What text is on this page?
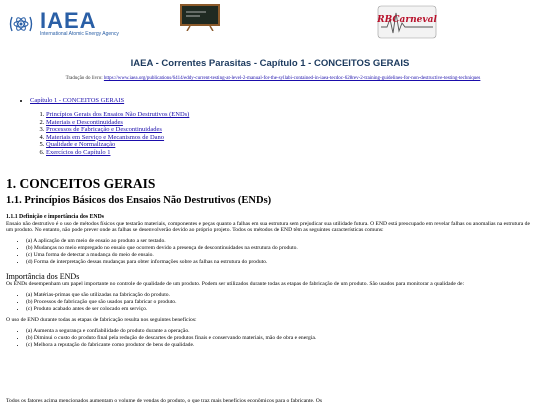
IAEA
International Atomic Energy Agency
RBCarneval
IAEA - Correntes Parasitas - Capítulo 1 - CONCEITOS GERAIS
Tradução do livro: https://www.iaea.org/publications/6414/eddy-current-testing-at-level-2-manual-for-the-syllabi-contained-in-iaea-tecdoc-628rev-2-training-guidelines-for-non-destructive-testing-techniques
• Capítulo 1 - CONCEITOS GERAIS
1. Princípios Gerais dos Ensaios Não Destrutivos (ENDs)
2. Materiais e Descontinuidades
3. Processos de Fabricação e Descontinuidades
4. Materiais em Serviço e Mecanismos de Dano
5. Qualidade e Normalização
6. Exercícios do Capítulo 1
1. CONCEITOS GERAIS
1.1. Princípios Básicos dos Ensaios Não Destrutivos (ENDs)
1.1.1 Definição e importância dos ENDs

Ensaio não destrutivo é o uso de métodos físicos que testarão materiais, componentes e peças quanto a falhas em sua estrutura sem prejudicar sua utilidade futura. O END está preocupado em revelar falhas ou anomalias na estrutura de um produto. No entanto, não pode prever onde as falhas se desenvolverão devido ao próprio projeto. Todos os métodos de END têm as seguintes características comuns:

• (a) A aplicação de um meio de ensaio ao produto a ser testado.
• (b) Mudanças no meio empregado no ensaio que ocorrem devido a presença de descontinuidades na estrutura do produto.
• (c) Uma forma de detectar a mudança do meio de ensaio.
• (d) Forma de interpretação dessas mudanças para obter informações sobre as falhas na estrutura do produto.
Importância dos ENDs

Os ENDs desempenham um papel importante no controle de qualidade de um produto. Podem ser utilizados durante todas as etapas de fabricação de um produto. São usados para monitorar a qualidade de:

• (a) Matérias-primas que são utilizadas na fabricação do produto.
• (b) Processos de fabricação que são usados para fabricar o produto.
• (c) Produto acabado antes de ser colocado em serviço.

O uso de END durante todas as etapas de fabricação resulta nos seguintes benefícios:

• (a) Aumenta a segurança e confiabilidade do produto durante a operação.
• (b) Diminui o custo do produto final pela redução de descartes de produtos finais e conservando materiais, mão de obra e energia.
• (c) Melhora a reputação do fabricante como produtor de bens de qualidade.
Todos os fatores acima mencionados aumentam o volume de vendas do produto, o que traz mais benefícios econômicos para o fabricante. Os
